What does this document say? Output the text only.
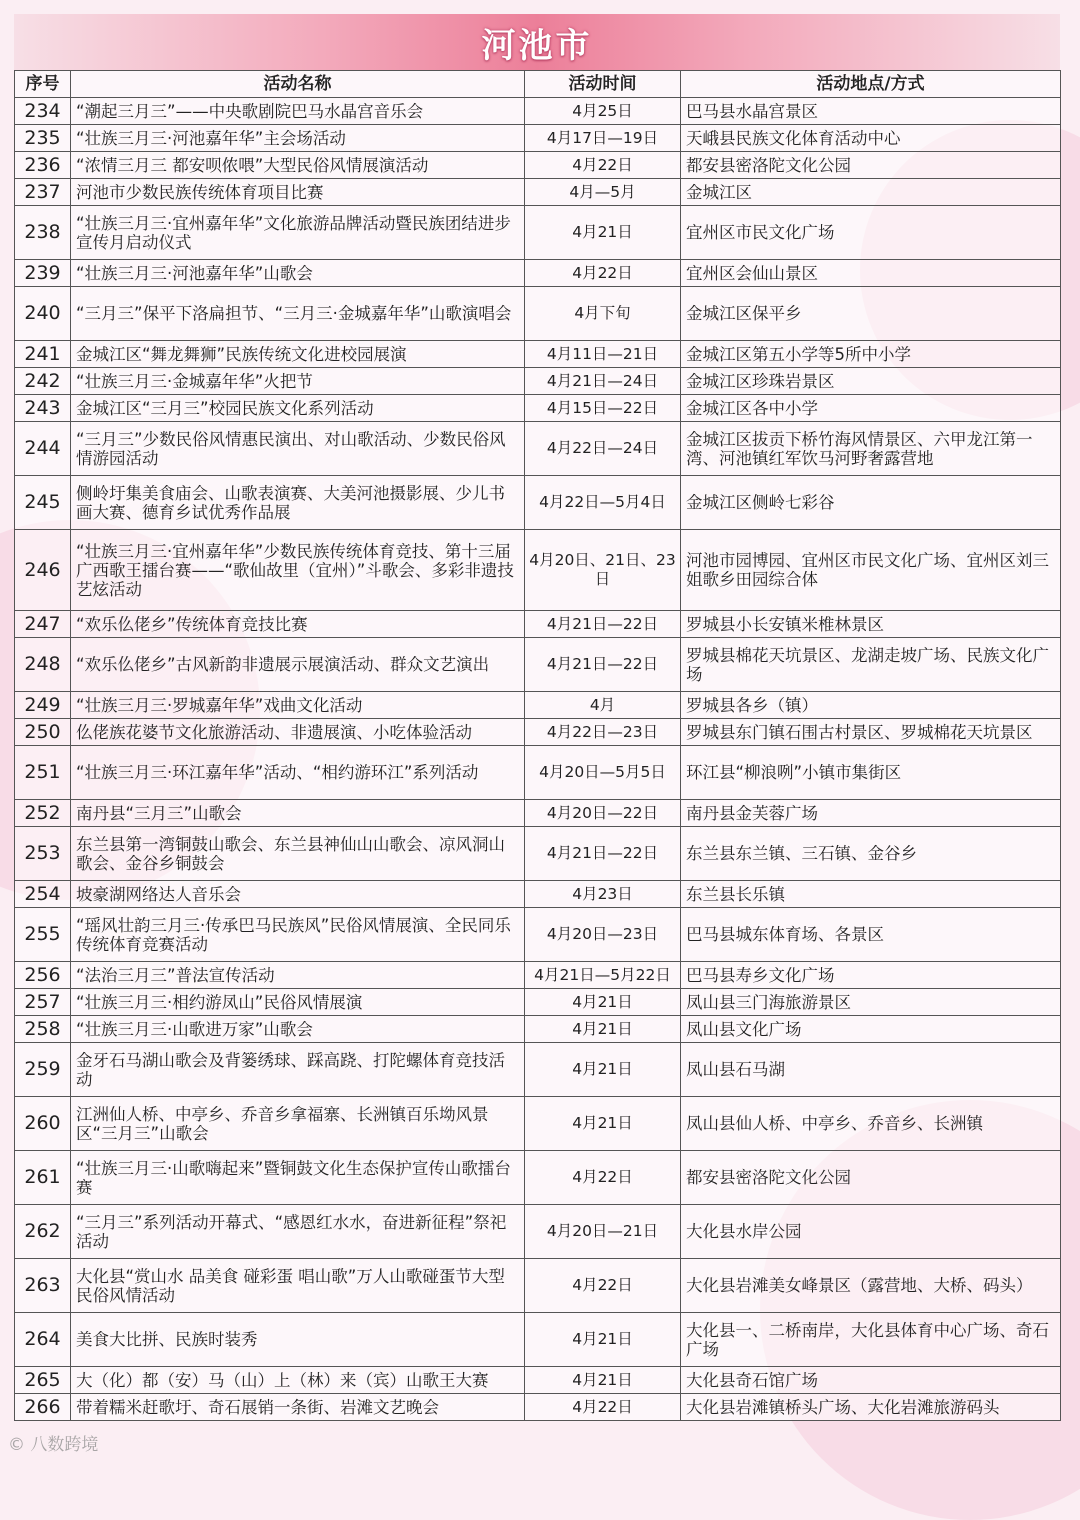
河池市
序号	活动名称	活动时间	活动地点/方式
234	“潮起三月三”——中央歌剧院巴马水晶宫音乐会	4月25日	巴马县水晶宫景区
235	“壮族三月三·河池嘉年华”主会场活动	4月17日—19日	天峨县民族文化体育活动中心
236	“浓情三月三 都安呗侬喂”大型民俗风情展演活动	4月22日	都安县密洛陀文化公园
237	河池市少数民族传统体育项目比赛	4月—5月	金城江区
238	“壮族三月三·宜州嘉年华”文化旅游品牌活动暨民族团结进步宣传月启动仪式	4月21日	宜州区市民文化广场
239	“壮族三月三·河池嘉年华”山歌会	4月22日	宜州区会仙山景区
240	“三月三”保平下洛扁担节、“三月三·金城嘉年华”山歌演唱会	4月下旬	金城江区保平乡
241	金城江区“舞龙舞狮”民族传统文化进校园展演	4月11日—21日	金城江区第五小学等5所中小学
242	“壮族三月三·金城嘉年华”火把节	4月21日—24日	金城江区珍珠岩景区
243	金城江区“三月三”校园民族文化系列活动	4月15日—22日	金城江区各中小学
244	“三月三”少数民俗风情惠民演出、对山歌活动、少数民俗风情游园活动	4月22日—24日	金城江区拔贡下桥竹海风情景区、六甲龙江第一湾、河池镇红军饮马河野奢露营地
245	侧岭圩集美食庙会、山歌表演赛、大美河池摄影展、少儿书画大赛、德育乡试优秀作品展	4月22日—5月4日	金城江区侧岭七彩谷
246	“壮族三月三·宜州嘉年华”少数民族传统体育竞技、第十三届广西歌王擂台赛——“歌仙故里（宜州）”斗歌会、多彩非遗技艺炫活动	4月20日、21日、23日	河池市园博园、宜州区市民文化广场、宜州区刘三姐歌乡田园综合体
247	“欢乐仫佬乡”传统体育竞技比赛	4月21日—22日	罗城县小长安镇米椎林景区
248	“欢乐仫佬乡”古风新韵非遗展示展演活动、群众文艺演出	4月21日—22日	罗城县棉花天坑景区、龙湖走坡广场、民族文化广场
249	“壮族三月三·罗城嘉年华”戏曲文化活动	4月	罗城县各乡（镇）
250	仫佬族花婆节文化旅游活动、非遗展演、小吃体验活动	4月22日—23日	罗城县东门镇石围古村景区、罗城棉花天坑景区
251	“壮族三月三·环江嘉年华”活动、“相约游环江”系列活动	4月20日—5月5日	环江县“柳浪咧”小镇市集街区
252	南丹县“三月三”山歌会	4月20日—22日	南丹县金芙蓉广场
253	东兰县第一湾铜鼓山歌会、东兰县神仙山山歌会、凉风洞山歌会、金谷乡铜鼓会	4月21日—22日	东兰县东兰镇、三石镇、金谷乡
254	坡豪湖网络达人音乐会	4月23日	东兰县长乐镇
255	“瑶风壮韵三月三·传承巴马民族风”民俗风情展演、全民同乐传统体育竞赛活动	4月20日—23日	巴马县城东体育场、各景区
256	“法治三月三”普法宣传活动	4月21日—5月22日	巴马县寿乡文化广场
257	“壮族三月三·相约游凤山”民俗风情展演	4月21日	凤山县三门海旅游景区
258	“壮族三月三·山歌进万家”山歌会	4月21日	凤山县文化广场
259	金牙石马湖山歌会及背篓绣球、踩高跷、打陀螺体育竞技活动	4月21日	凤山县石马湖
260	江洲仙人桥、中亭乡、乔音乡拿福寨、长洲镇百乐坳风景区“三月三”山歌会	4月21日	凤山县仙人桥、中亭乡、乔音乡、长洲镇
261	“壮族三月三·山歌嗨起来”暨铜鼓文化生态保护宣传山歌擂台赛	4月22日	都安县密洛陀文化公园
262	“三月三”系列活动开幕式、“感恩红水水，奋进新征程”祭祀活动	4月20日—21日	大化县水岸公园
263	大化县“赏山水 品美食 碰彩蛋 唱山歌”万人山歌碰蛋节大型民俗风情活动	4月22日	大化县岩滩美女峰景区（露营地、大桥、码头）
264	美食大比拼、民族时装秀	4月21日	大化县一、二桥南岸，大化县体育中心广场、奇石广场
265	大（化）都（安）马（山）上（林）来（宾）山歌王大赛	4月21日	大化县奇石馆广场
266	带着糯米赶歌圩、奇石展销一条街、岩滩文艺晚会	4月22日	大化县岩滩镇桥头广场、大化岩滩旅游码头
© 八数跨境
